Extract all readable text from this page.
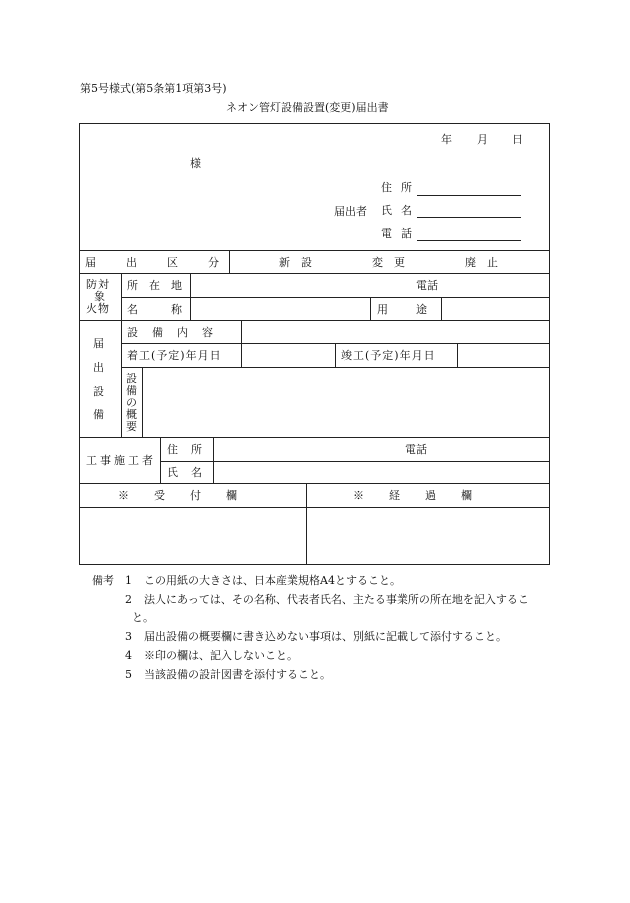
第5号様式(第5条第1項第3号)
ネオン管灯設備設置(変更)届出書
年 月 日
様
住所
届出者 氏名
電話
届出区分	新設	変更	廃止
防対
象
火物
所在地	電話
名称	用途
届
出
設
備
設備内容
着工(予定)年月日	竣工(予定)年月日
設
備
の
概
要
工事施工者
住所	電話
氏名
※受付欄	※経過欄
備考 1 この用紙の大きさは、日本産業規格A4とすること。
2 法人にあっては、その名称、代表者氏名、主たる事業所の所在地を記入するこ
と。
3 届出設備の概要欄に書き込めない事項は、別紙に記載して添付すること。
4 ※印の欄は、記入しないこと。
5 当該設備の設計図書を添付すること。
